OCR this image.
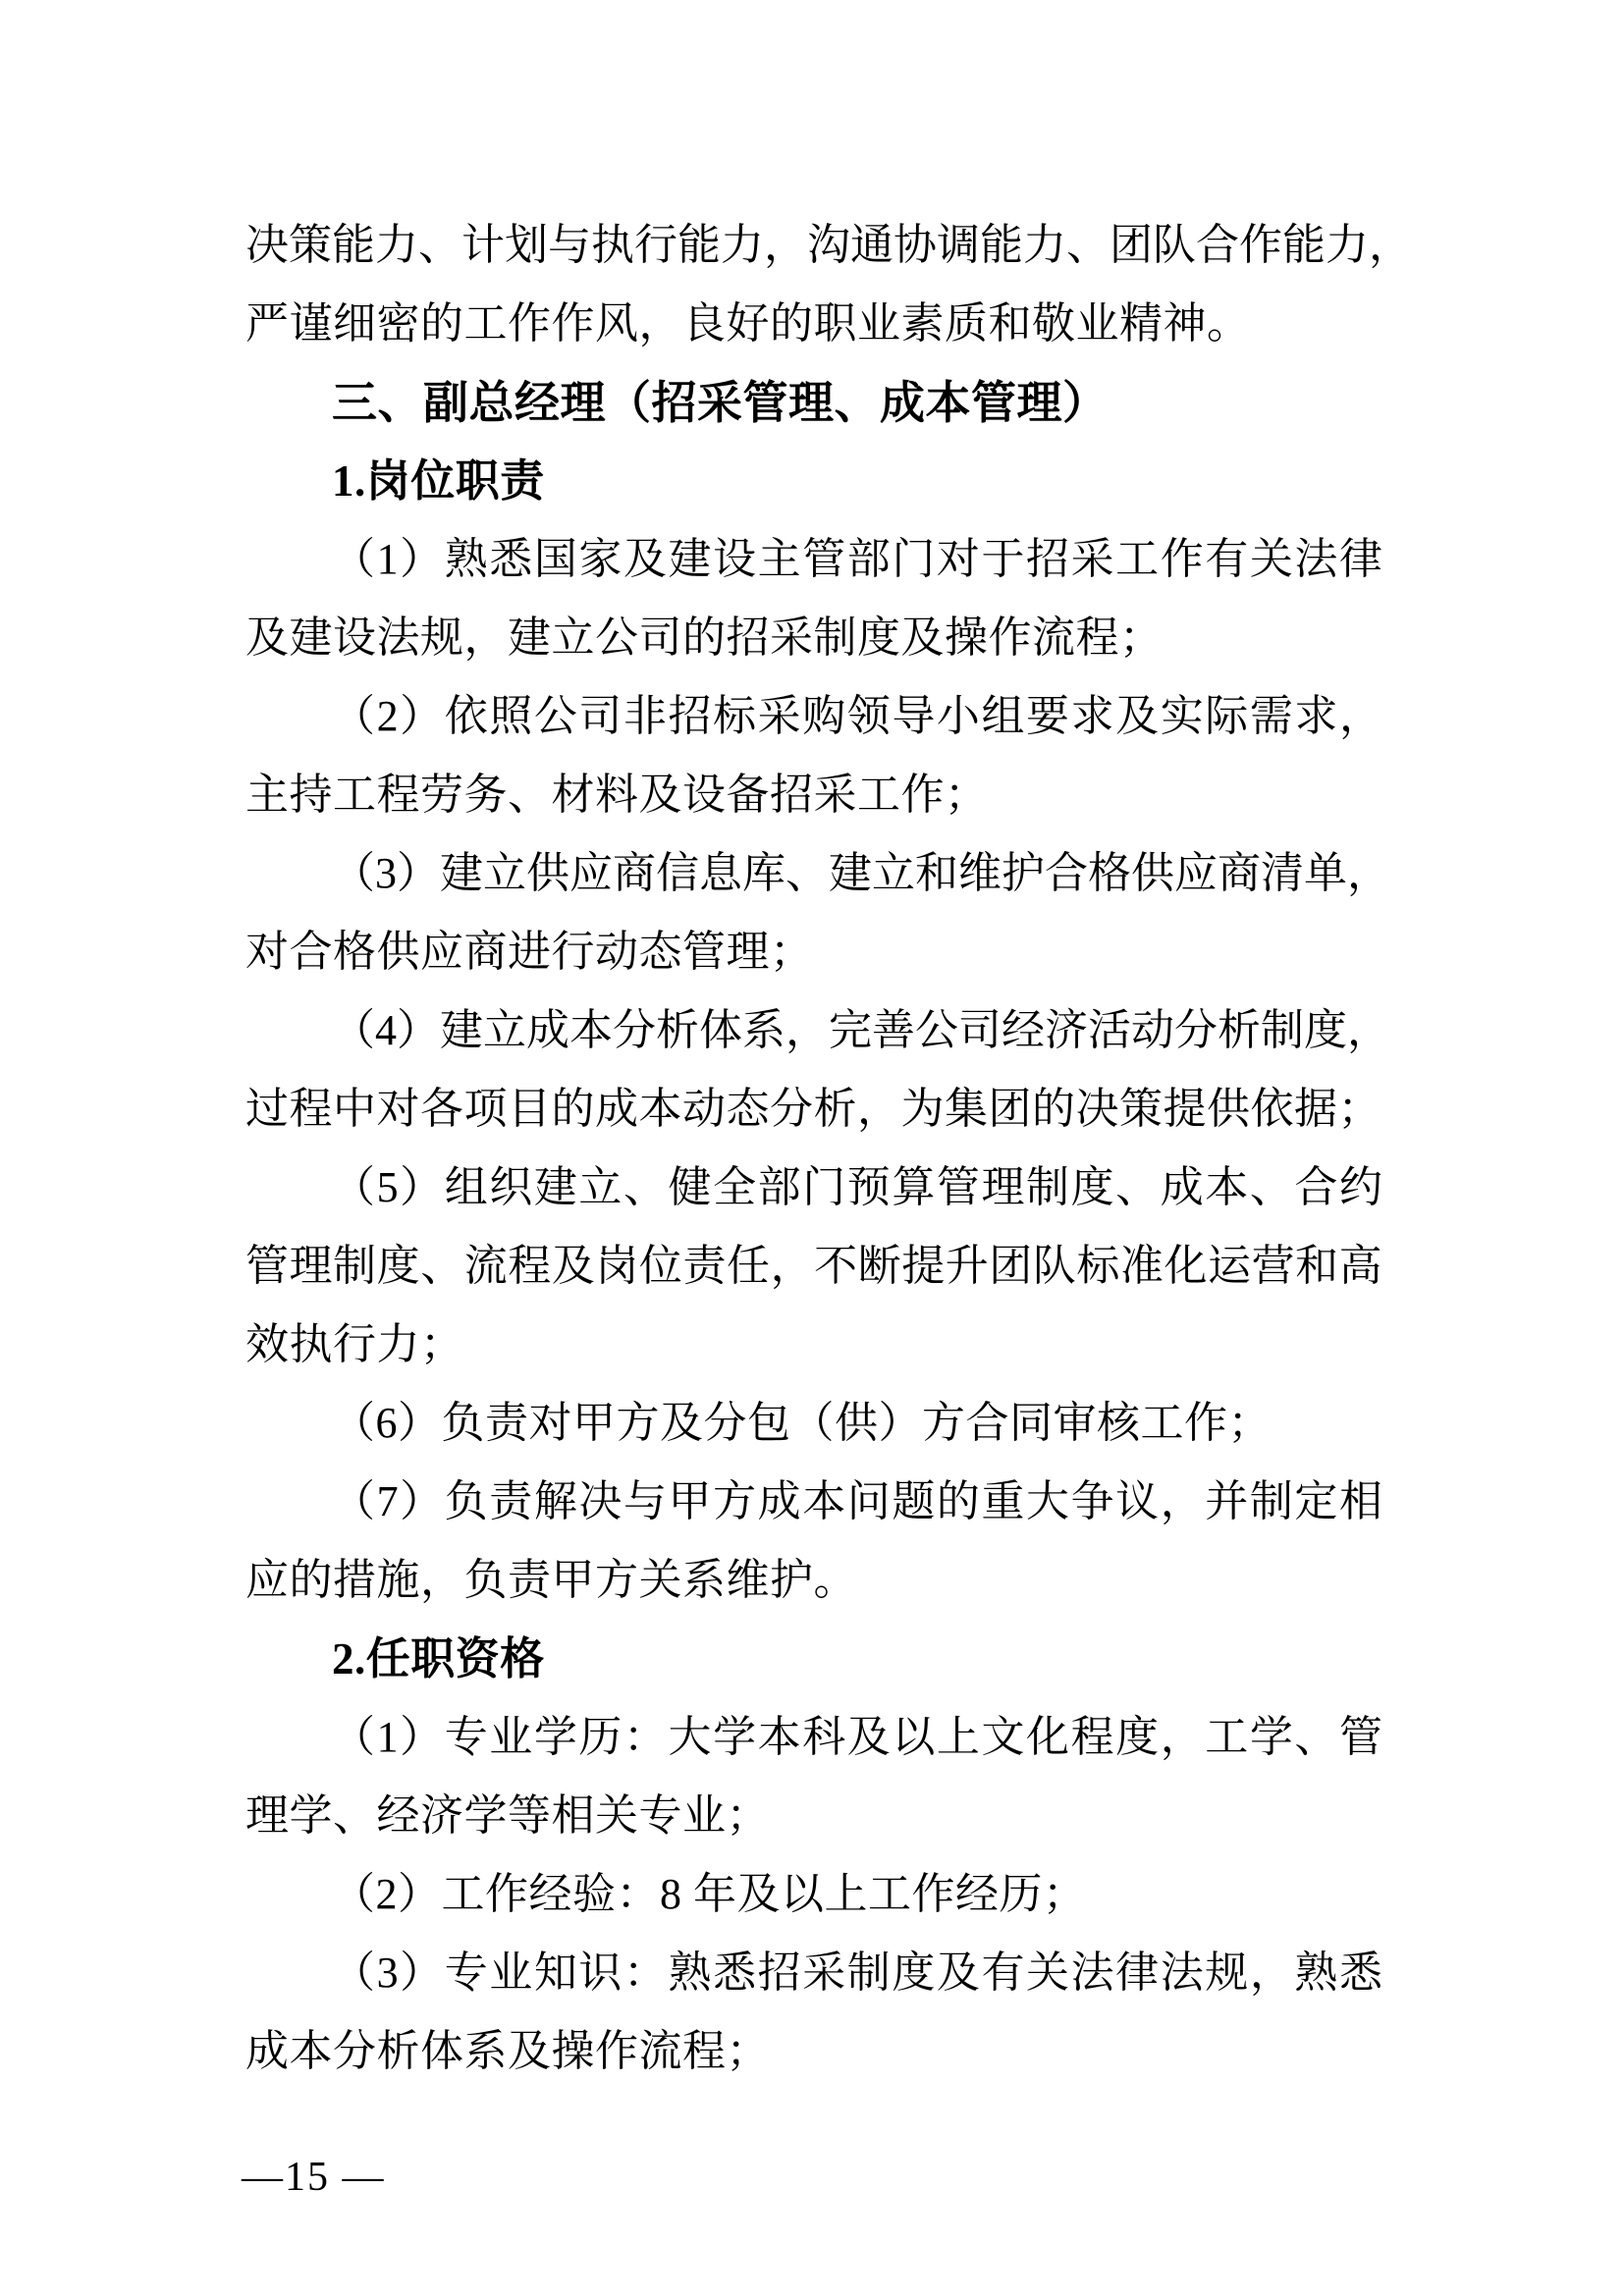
决 策 能 力 、 计 划 与 执 行 能 力 ， 沟 通 协 调 能 力 、 团 队 合 作 能 力 ，
严谨细密的工作作风，良好的职业素质和敬业精神。
三、副总经理（招采管理、成本管理）
1.岗位职责
（ 1 ） 熟 悉 国 家 及 建 设 主 管 部 门 对 于 招 采 工 作 有 关 法 律
及建设法规，建立公司的招采制度及操作流程；
（ 2 ） 依 照 公 司 非 招 标 采 购 领 导 小 组 要 求 及 实 际 需 求 ，
主持工程劳务、材料及设备招采工作；
（ 3 ） 建 立 供 应 商 信 息 库 、 建 立 和 维 护 合 格 供 应 商 清 单 ，
对合格供应商进行动态管理；
（ 4 ） 建 立 成 本 分 析 体 系 ， 完 善 公 司 经 济 活 动 分 析 制 度 ，
过程中对各项目的成本动态分析，为集团的决策提供依据；
（ 5 ） 组 织 建 立 、 健 全 部 门 预 算 管 理 制 度 、 成 本 、 合 约
管 理 制 度 、 流 程 及 岗 位 责 任 ， 不 断 提 升 团 队 标 准 化 运 营 和 高
效执行力；
（6）负责对甲方及分包（供）方合同审核工作；
（ 7 ） 负 责 解 决 与 甲 方 成 本 问 题 的 重 大 争 议 ， 并 制 定 相
应的措施，负责甲方关系维护。
2.任职资格
（ 1 ） 专 业 学 历 ： 大 学 本 科 及 以 上 文 化 程 度 ， 工 学 、 管
理学、经济学等相关专业；
（2）工作经验：8 年及以上工作经历；
（ 3 ） 专 业 知 识 ： 熟 悉 招 采 制 度 及 有 关 法 律 法 规 ， 熟 悉
成本分析体系及操作流程；
—15 —
